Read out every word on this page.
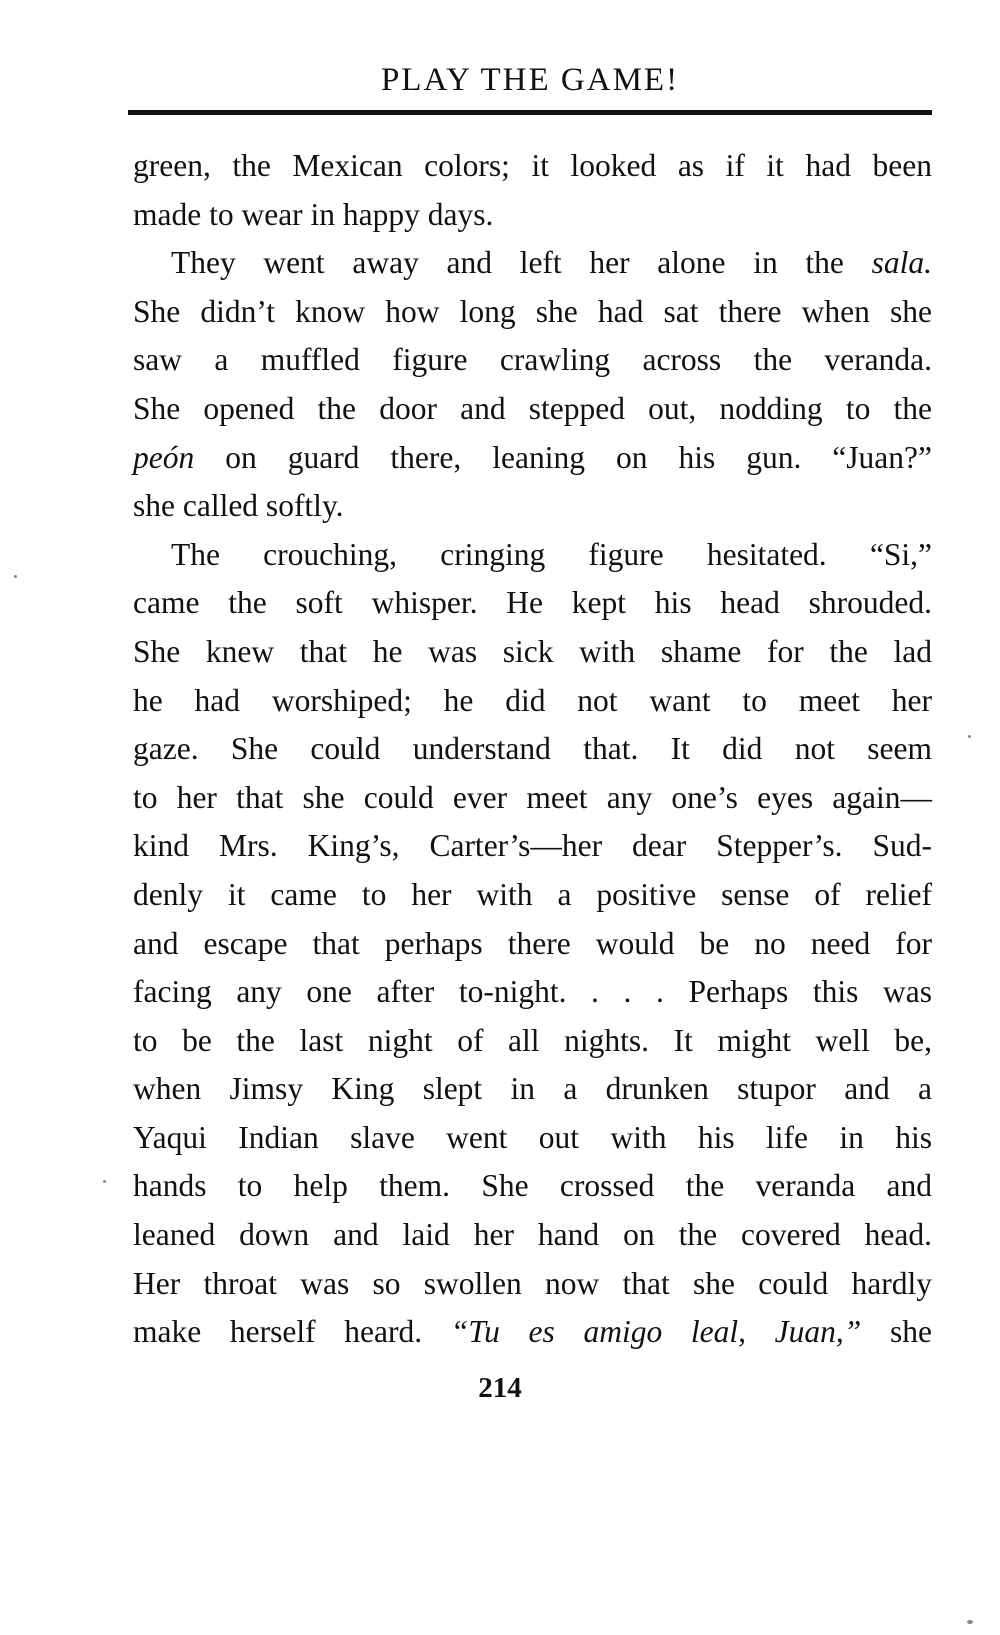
PLAY THE GAME!
green, the Mexican colors; it looked as if it had been
made to wear in happy days.
They went away and left her alone in the sala.
She didn’t know how long she had sat there when she
saw a muffled figure crawling across the veranda.
She opened the door and stepped out, nodding to the
peón on guard there, leaning on his gun. “Juan?”
she called softly.
The crouching, cringing figure hesitated. “Si,”
came the soft whisper. He kept his head shrouded.
She knew that he was sick with shame for the lad
he had worshiped; he did not want to meet her
gaze. She could understand that. It did not seem
to her that she could ever meet any one’s eyes again—
kind Mrs. King’s, Carter’s—her dear Stepper’s. Sud-
denly it came to her with a positive sense of relief
and escape that perhaps there would be no need for
facing any one after to-night. . . . Perhaps this was
to be the last night of all nights. It might well be,
when Jimsy King slept in a drunken stupor and a
Yaqui Indian slave went out with his life in his
hands to help them. She crossed the veranda and
leaned down and laid her hand on the covered head.
Her throat was so swollen now that she could hardly
make herself heard. “Tu es amigo leal, Juan,” she
214
